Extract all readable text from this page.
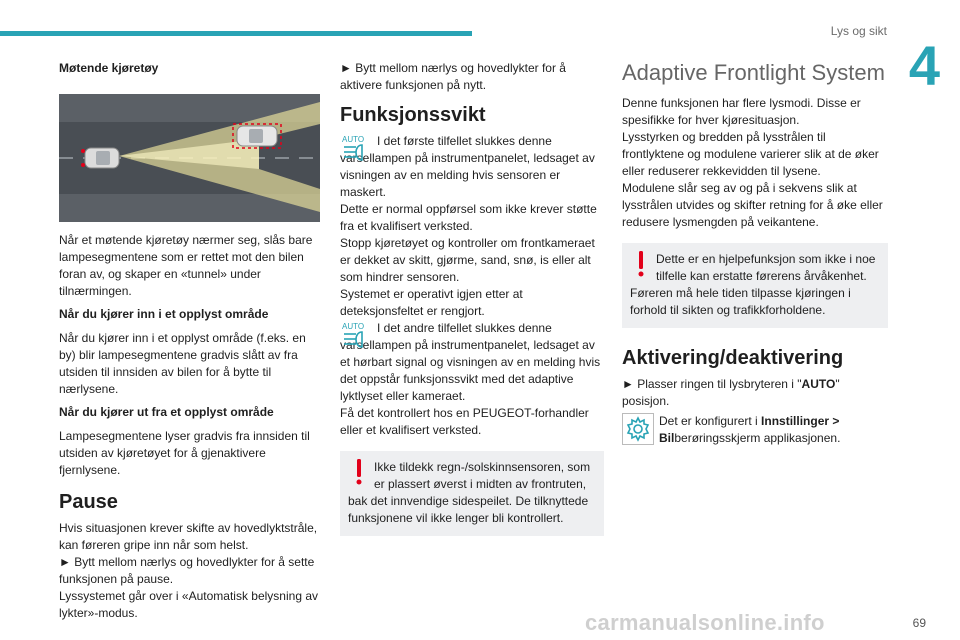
Lys og sikt
4

Møtende kjøretøy

Når et møtende kjøretøy nærmer seg, slås bare lampesegmentene som er rettet mot den bilen foran av, og skaper en «tunnel» under tilnærmingen.

Når du kjører inn i et opplyst område

Når du kjører inn i et opplyst område (f.eks. en by) blir lampesegmentene gradvis slått av fra utsiden til innsiden av bilen for å bytte til nærlysene.

Når du kjører ut fra et opplyst område

Lampesegmentene lyser gradvis fra innsiden til utsiden av kjøretøyet for å gjenaktivere fjernlysene.

Pause

Hvis situasjonen krever skifte av hovedlyktstråle, kan føreren gripe inn når som helst.

► Bytt mellom nærlys og hovedlykter for å sette funksjonen på pause.

Lyssystemet går over i «Automatisk belysning av lykter»-modus.

► Bytt mellom nærlys og hovedlykter for å aktivere funksjonen på nytt.

Funksjonssvikt

AUTO	I det første tilfellet slukkes denne varsellampen på instrumentpanelet, ledsaget av visningen av en melding hvis sensoren er maskert.

Dette er normal oppførsel som ikke krever støtte fra et kvalifisert verksted.

Stopp kjøretøyet og kontroller om frontkameraet er dekket av skitt, gjørme, sand, snø, is eller alt som hindrer sensoren.

Systemet er operativt igjen etter at deteksjonsfeltet er rengjort.

AUTO	I det andre tilfellet slukkes denne varsellampen på instrumentpanelet, ledsaget av et hørbart signal og visningen av en melding hvis det oppstår funksjonssvikt med det adaptive lyktlyset eller kameraet.

Få det kontrollert hos en PEUGEOT-forhandler eller et kvalifisert verksted.

Ikke tildekk regn-/solskinnsensoren, som er plassert øverst i midten av frontruten,

bak det innvendige sidespeilet. De tilknyttede funksjonene vil ikke lenger bli kontrollert.

Adaptive Frontlight System

Denne funksjonen har flere lysmodi. Disse er spesifikke for hver kjøresituasjon.

Lysstyrken og bredden på lysstrålen til frontlyktene og modulene varierer slik at de øker eller reduserer rekkevidden til lysene.

Modulene slår seg av og på i sekvens slik at lysstrålen utvides og skifter retning for å øke eller redusere lysmengden på veikantene.

Dette er en hjelpefunksjon som ikke i noe tilfelle kan erstatte førerens årvåkenhet.

Føreren må hele tiden tilpasse kjøringen i forhold til sikten og trafikkforholdene.

Aktivering/deaktivering

► Plasser ringen til lysbryteren i "AUTO" posisjon.

Det er konfigurert i Innstillinger >

Bilberøringsskjerm applikasjonen.

69
carmanualsonline.info
